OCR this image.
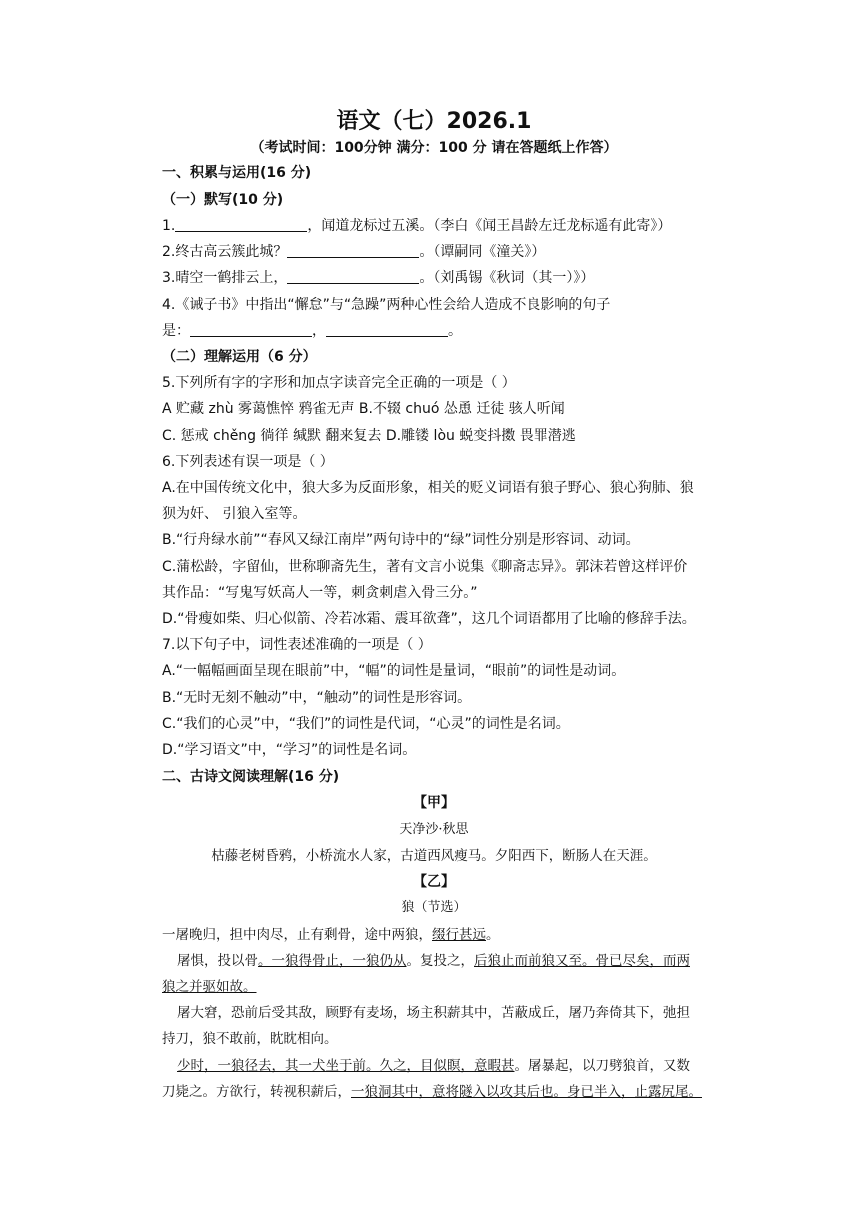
语文（七）2026.1
（考试时间：100分钟 满分：100 分 请在答题纸上作答）
一、积累与运用(16 分)
（一）默写(10 分)
1.	，闻道龙标过五溪。（李白《闻王昌龄左迁龙标遥有此寄》）
2.终古高云簇此城？	。（谭嗣同《潼关》）
3.晴空一鹤排云上，	。（刘禹锡《秋词（其一）》）
4.《诫子书》中指出“懈怠”与“急躁”两种心性会给人造成不良影响的句子
是：	，	。
（二）理解运用（6 分）
5.下列所有字的字形和加点字读音完全正确的一项是（ ）
A 贮藏 zhù 雾蔼憔悴 鸦雀无声 B.不辍 chuó 怂恿 迁徒 骇人听闻
C. 惩戒 chěng 徜徉 缄默 翻来复去 D.雕镂 lòu 蜕变抖擞 畏罪潜逃
6.下列表述有误一项是（ ）
A.在中国传统文化中，狼大多为反面形象，相关的贬义词语有狼子野心、狼心狗肺、狼
狈为奸、 引狼入室等。
B.“行舟绿水前”“春风又绿江南岸”两句诗中的“绿”词性分别是形容词、动词。
C.蒲松龄，字留仙，世称聊斋先生，著有文言小说集《聊斋志异》。郭沫若曾这样评价
其作品：“写鬼写妖高人一等，刺贪刺虐入骨三分。”
D.“骨瘦如柴、归心似箭、冷若冰霜、震耳欲聋”，这几个词语都用了比喻的修辞手法。
7.以下句子中，词性表述准确的一项是（ ）
A.“一幅幅画面呈现在眼前”中，“幅”的词性是量词，“眼前”的词性是动词。
B.“无时无刻不触动”中，“触动”的词性是形容词。
C.“我们的心灵”中，“我们”的词性是代词，“心灵”的词性是名词。
D.“学习语文”中，“学习”的词性是名词。
二、古诗文阅读理解(16 分)
【甲】
天净沙·秋思
枯藤老树昏鸦，小桥流水人家，古道西风瘦马。夕阳西下，断肠人在天涯。
【乙】
狼（节选）
一屠晚归，担中肉尽，止有剩骨，途中两狼，缀行甚远。
屠惧，投以骨。一狼得骨止，一狼仍从。复投之，后狼止而前狼又至。骨已尽矣，而两
狼之并驱如故。
屠大窘，恐前后受其敌，顾野有麦场，场主积薪其中，苫蔽成丘，屠乃奔倚其下，弛担
持刀，狼不敢前，眈眈相向。
少时，一狼径去，其一犬坐于前。久之，目似瞑，意暇甚。屠暴起，以刀劈狼首，又数
刀毙之。方欲行，转视积薪后，一狼洞其中，意将隧入以攻其后也。身已半入，止露尻尾。
